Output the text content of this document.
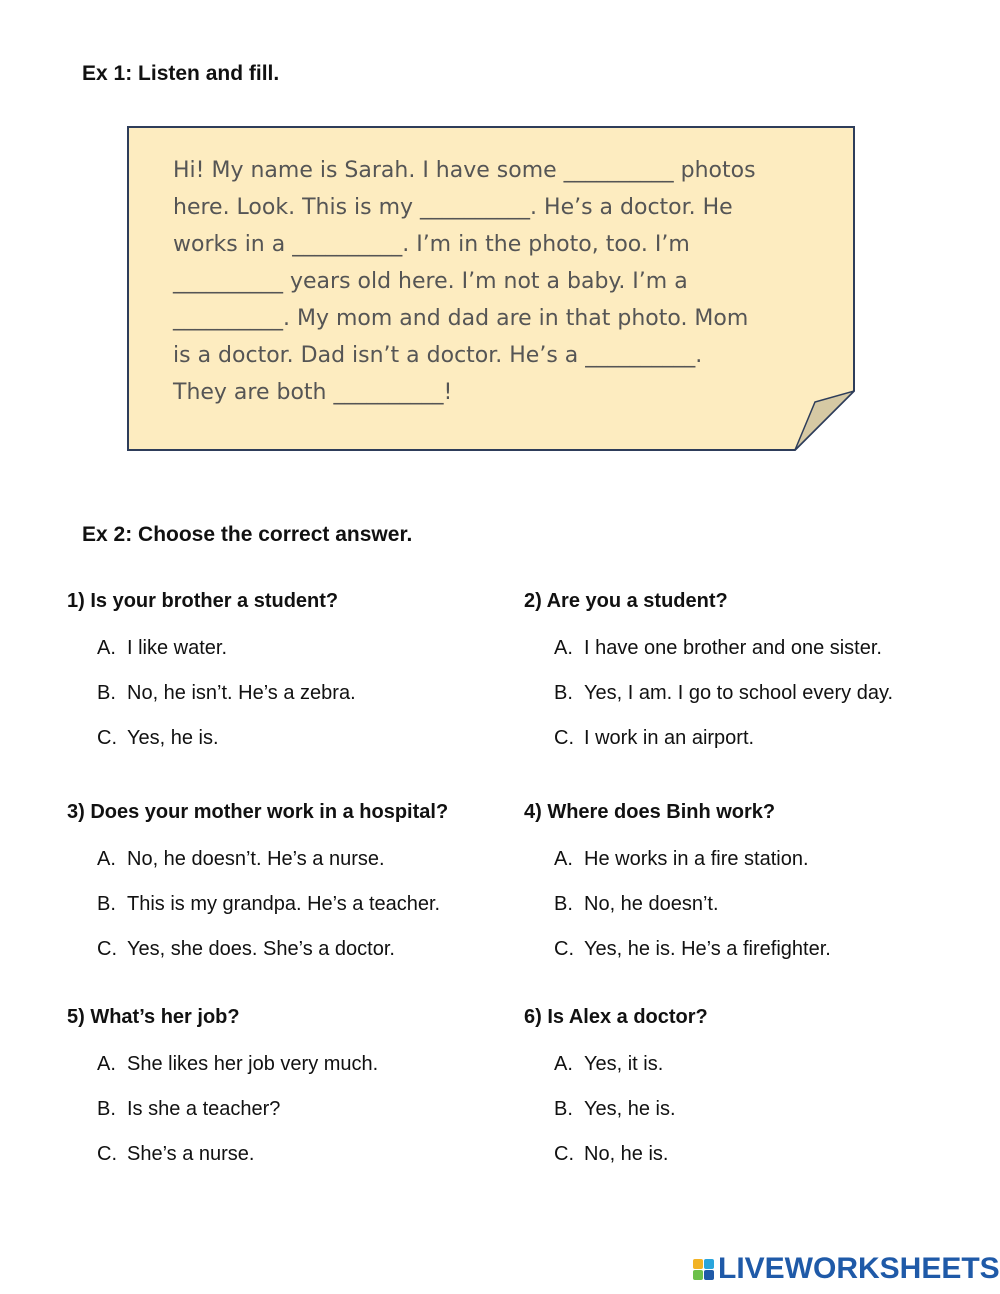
Ex 1: Listen and fill.

Hi! My name is Sarah. I have some __________ photos

here. Look. This is my __________. He’s a doctor. He

works in a __________. I’m in the photo, too. I’m

__________ years old here. I’m not a baby. I’m a

__________. My mom and dad are in that photo. Mom

is a doctor. Dad isn’t a doctor. He’s a __________.

They are both __________!

Ex 2: Choose the correct answer.

1) Is your brother a student?

A. I like water.
B. No, he isn’t. He’s a zebra.
C. Yes, he is.

2) Are you a student?

A. I have one brother and one sister.
B. Yes, I am. I go to school every day.
C. I work in an airport.

3) Does your mother work in a hospital?

A. No, he doesn’t. He’s a nurse.
B. This is my grandpa. He’s a teacher.
C. Yes, she does. She’s a doctor.

4) Where does Binh work?

A. He works in a fire station.
B. No, he doesn’t.
C. Yes, he is. He’s a firefighter.

5) What’s her job?

A. She likes her job very much.
B. Is she a teacher?
C. She’s a nurse.

6) Is Alex a doctor?

A. Yes, it is.
B. Yes, he is.
C. No, he is.
LIVEWORKSHEETS
